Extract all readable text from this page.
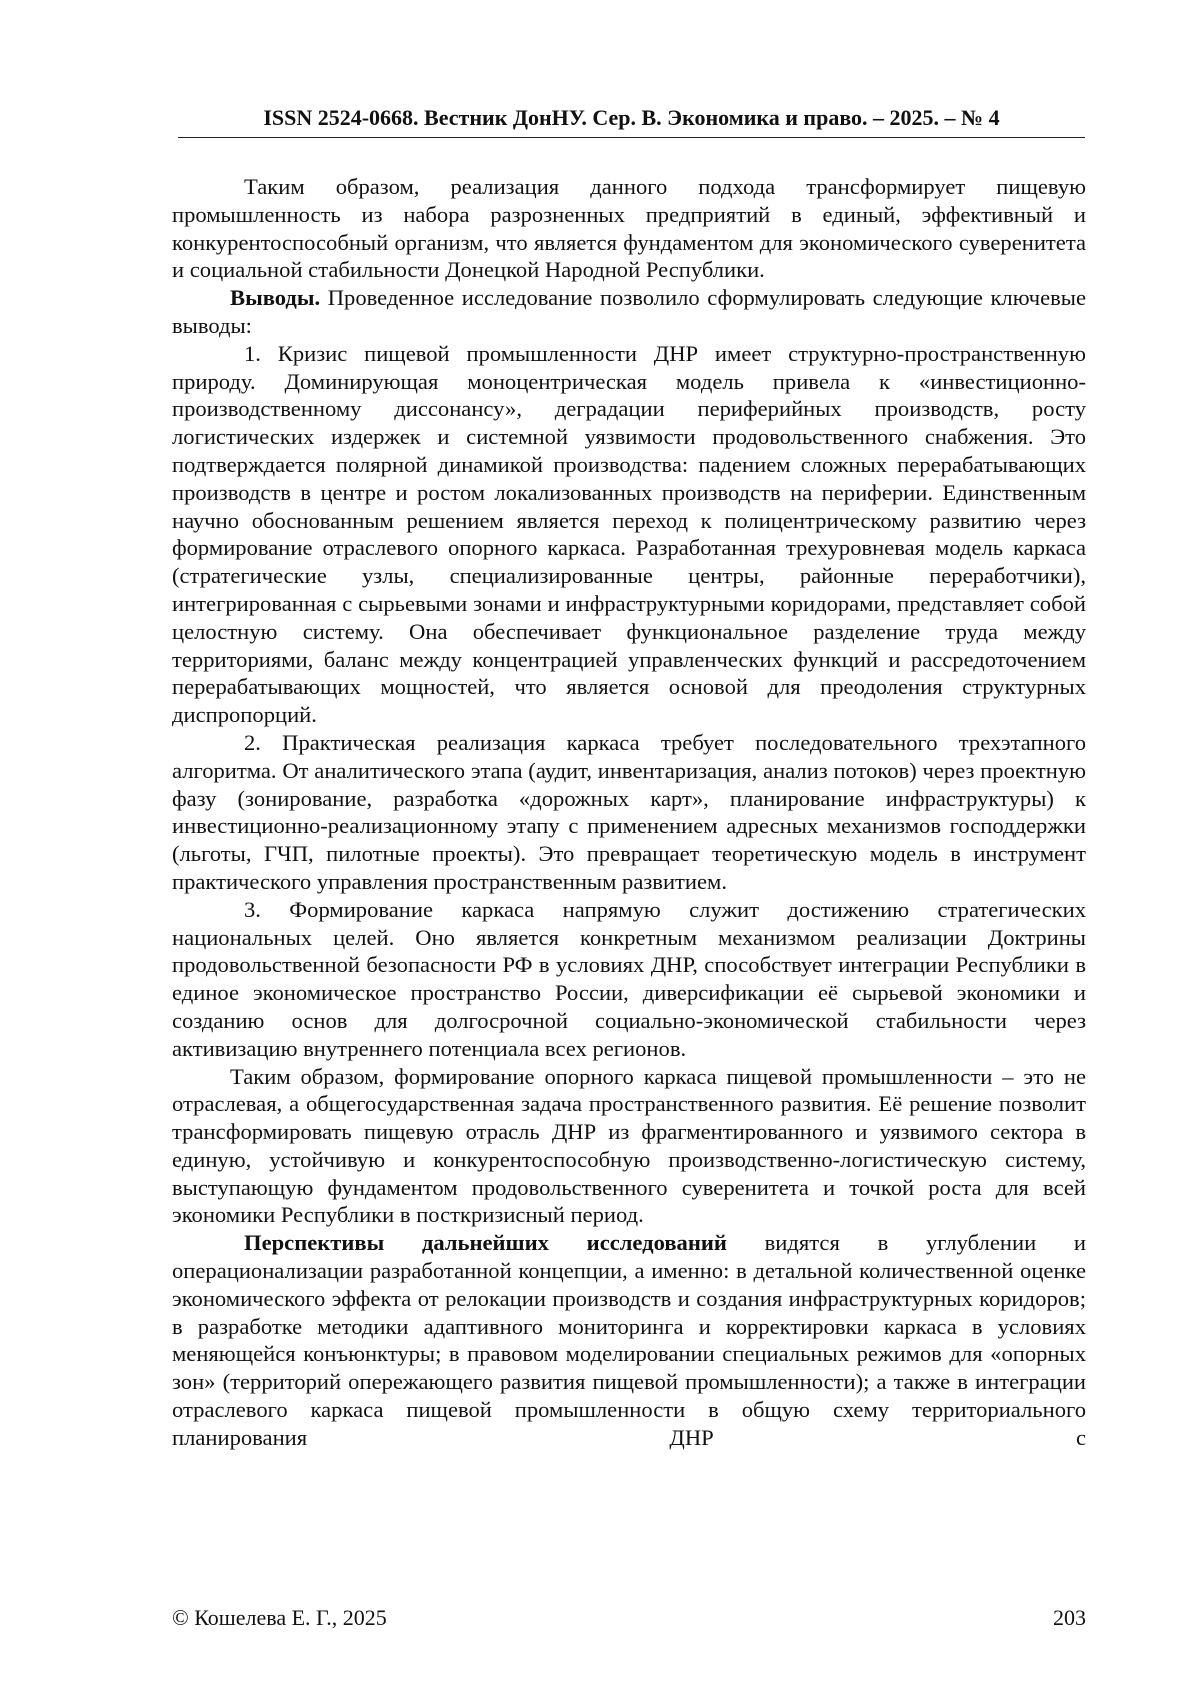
ISSN 2524-0668. Вестник ДонНУ. Сер. В. Экономика и право. – 2025. – № 4

Таким образом, реализация данного подхода трансформирует пищевую промышленность из набора разрозненных предприятий в единый, эффективный и конкурентоспособный организм, что является фундаментом для экономического суверенитета и социальной стабильности Донецкой Народной Республики.

Выводы. Проведенное исследование позволило сформулировать следующие ключевые выводы:

1. Кризис пищевой промышленности ДНР имеет структурно-пространственную природу. Доминирующая моноцентрическая модель привела к «инвестиционно-производственному диссонансу», деградации периферийных производств, росту логистических издержек и системной уязвимости продовольственного снабжения. Это подтверждается полярной динамикой производства: падением сложных перерабатывающих производств в центре и ростом локализованных производств на периферии. Единственным научно обоснованным решением является переход к полицентрическому развитию через формирование отраслевого опорного каркаса. Разработанная трехуровневая модель каркаса (стратегические узлы, специализированные центры, районные переработчики), интегрированная с сырьевыми зонами и инфраструктурными коридорами, представляет собой целостную систему. Она обеспечивает функциональное разделение труда между территориями, баланс между концентрацией управленческих функций и рассредоточением перерабатывающих мощностей, что является основой для преодоления структурных диспропорций.

2. Практическая реализация каркаса требует последовательного трехэтапного алгоритма. От аналитического этапа (аудит, инвентаризация, анализ потоков) через проектную фазу (зонирование, разработка «дорожных карт», планирование инфраструктуры) к инвестиционно-реализационному этапу с применением адресных механизмов господдержки (льготы, ГЧП, пилотные проекты). Это превращает теоретическую модель в инструмент практического управления пространственным развитием.

3. Формирование каркаса напрямую служит достижению стратегических национальных целей. Оно является конкретным механизмом реализации Доктрины продовольственной безопасности РФ в условиях ДНР, способствует интеграции Республики в единое экономическое пространство России, диверсификации её сырьевой экономики и созданию основ для долгосрочной социально-экономической стабильности через активизацию внутреннего потенциала всех регионов.

Таким образом, формирование опорного каркаса пищевой промышленности – это не отраслевая, а общегосударственная задача пространственного развития. Её решение позволит трансформировать пищевую отрасль ДНР из фрагментированного и уязвимого сектора в единую, устойчивую и конкурентоспособную производственно-логистическую систему, выступающую фундаментом продовольственного суверенитета и точкой роста для всей экономики Республики в посткризисный период.

Перспективы дальнейших исследований видятся в углублении и операционализации разработанной концепции, а именно: в детальной количественной оценке экономического эффекта от релокации производств и создания инфраструктурных коридоров; в разработке методики адаптивного мониторинга и корректировки каркаса в условиях меняющейся конъюнктуры; в правовом моделировании специальных режимов для «опорных зон» (территорий опережающего развития пищевой промышленности); а также в интеграции отраслевого каркаса пищевой промышленности в общую схему территориального планирования ДНР с

© Кошелева Е. Г., 2025	203
